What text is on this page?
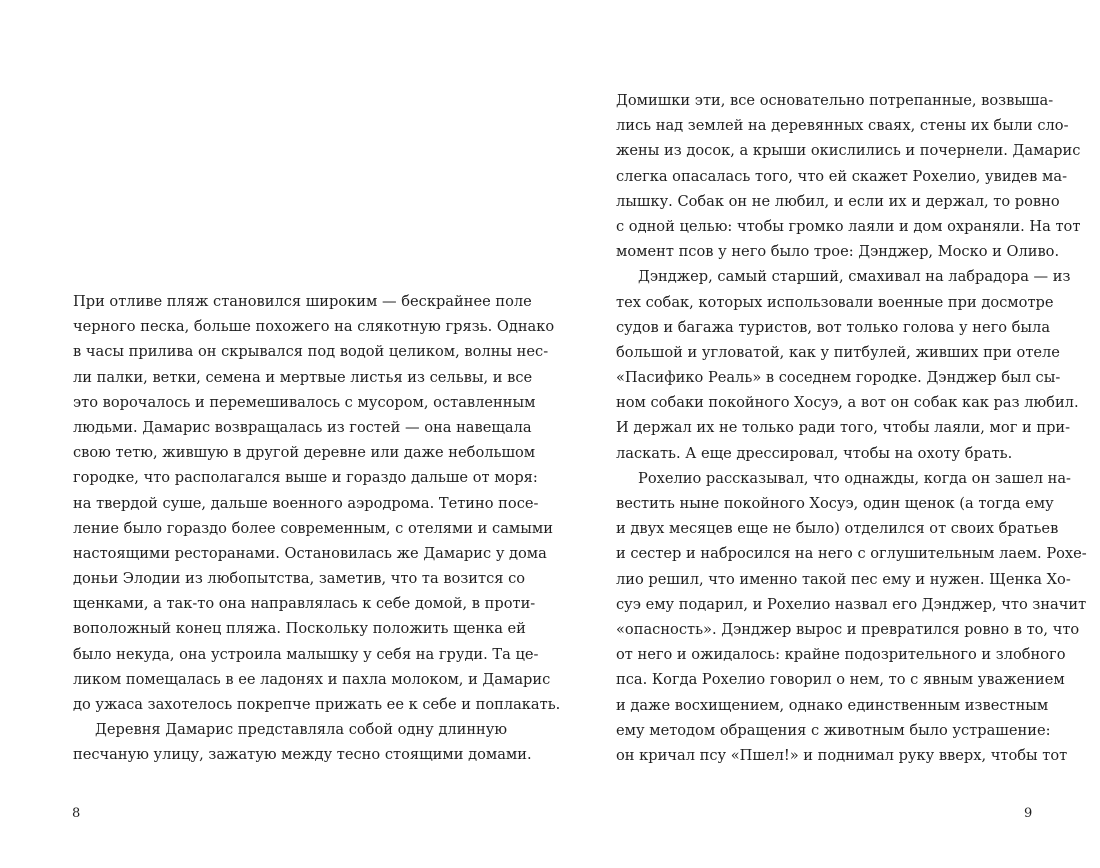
При отливе пляж становился широким — бескрайнее поле
черного песка, больше похожего на слякотную грязь. Однако
в часы прилива он скрывался под водой целиком, волны нес-
ли палки, ветки, семена и мертвые листья из сельвы, и все
это ворочалось и перемешивалось с мусором, оставленным
людьми. Дамарис возвращалась из гостей — она навещала
свою тетю, жившую в другой деревне или даже небольшом
городке, что располагался выше и гораздо дальше от моря:
на твердой суше, дальше военного аэродрома. Тетино посе-
ление было гораздо более современным, с отелями и самыми
настоящими ресторанами. Остановилась же Дамарис у дома
доньи Элодии из любопытства, заметив, что та возится со
щенками, а так-то она направлялась к себе домой, в проти-
воположный конец пляжа. Поскольку положить щенка ей
было некуда, она устроила малышку у себя на груди. Та це-
ликом помещалась в ее ладонях и пахла молоком, и Дамарис
до ужаса захотелось покрепче прижать ее к себе и поплакать.
Деревня Дамарис представляла собой одну длинную
песчаную улицу, зажатую между тесно стоящими домами.
8
Домишки эти, все основательно потрепанные, возвыша-
лись над землей на деревянных сваях, стены их были сло-
жены из досок, а крыши окислились и почернели. Дамарис
слегка опасалась того, что ей скажет Рохелио, увидев ма-
лышку. Собак он не любил, и если их и держал, то ровно
с одной целью: чтобы громко лаяли и дом охраняли. На тот
момент псов у него было трое: Дэнджер, Моско и Оливо.
Дэнджер, самый старший, смахивал на лабрадора — из
тех собак, которых использовали военные при досмотре
судов и багажа туристов, вот только голова у него была
большой и угловатой, как у питбулей, живших при отеле
«Пасифико Реаль» в соседнем городке. Дэнджер был сы-
ном собаки покойного Хосуэ, а вот он собак как раз любил.
И держал их не только ради того, чтобы лаяли, мог и при-
ласкать. А еще дрессировал, чтобы на охоту брать.
Рохелио рассказывал, что однажды, когда он зашел на-
вестить ныне покойного Хосуэ, один щенок (а тогда ему
и двух месяцев еще не было) отделился от своих братьев
и сестер и набросился на него с оглушительным лаем. Рохе-
лио решил, что именно такой пес ему и нужен. Щенка Хо-
суэ ему подарил, и Рохелио назвал его Дэнджер, что значит
«опасность». Дэнджер вырос и превратился ровно в то, что
от него и ожидалось: крайне подозрительного и злобного
пса. Когда Рохелио говорил о нем, то с явным уважением
и даже восхищением, однако единственным известным
ему методом обращения с животным было устрашение:
он кричал псу «Пшел!» и поднимал руку вверх, чтобы тот
9
